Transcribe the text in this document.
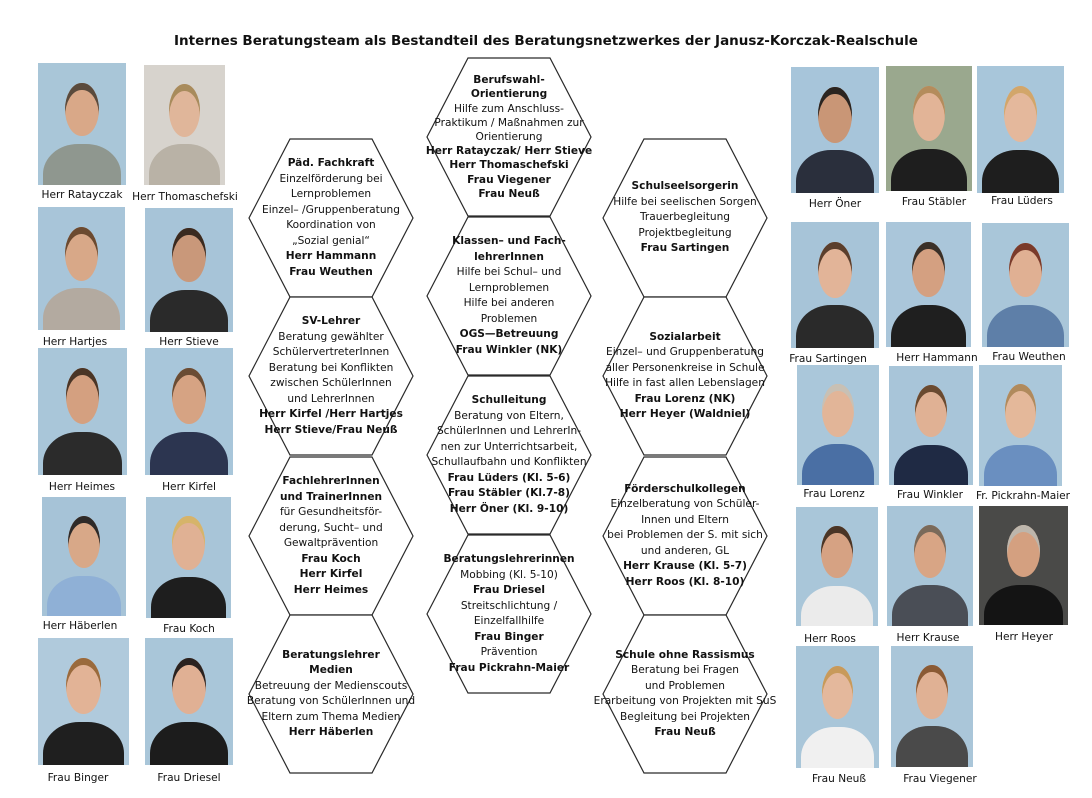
Internes Beratungsteam als Bestandteil des Beratungsnetzwerkes der Janusz-Korczak-Realschule
Berufswahl-
Orientierung
Hilfe zum Anschluss-
Praktikum / Maßnahmen zur
Orientierung
Herr Ratayczak/ Herr Stieve
Herr Thomaschefski
Frau Viegener
Frau Neuß
Päd. Fachkraft
Einzelförderung bei
Lernproblemen
Einzel– /Gruppenberatung
Koordination von
„Sozial genial“
Herr Hammann
Frau Weuthen
Schulseelsorgerin
Hilfe bei seelischen Sorgen
Trauerbegleitung
Projektbegleitung
Frau Sartingen
Klassen– und Fach-
lehrerInnen
Hilfe bei Schul– und
Lernproblemen
Hilfe bei anderen
Problemen
OGS—Betreuung
Frau Winkler (NK)
SV-Lehrer
Beratung gewählter
SchülervertreterInnen
Beratung bei Konflikten
zwischen SchülerInnen
und LehrerInnen
Herr Kirfel /Herr Hartjes
Herr Stieve/Frau Neuß
Sozialarbeit
Einzel– und Gruppenberatung
aller Personenkreise in Schule
Hilfe in fast allen Lebenslagen
Frau Lorenz (NK)
Herr Heyer (Waldniel)
Schulleitung
Beratung von Eltern,
SchülerInnen und LehrerIn-
nen zur Unterrichtsarbeit,
Schullaufbahn und Konflikten
Frau Lüders (Kl. 5-6)
Frau Stäbler (Kl.7-8)
Herr Öner (Kl. 9-10)
FachlehrerInnen
und TrainerInnen
für Gesundheitsför-
derung, Sucht– und
Gewaltprävention
Frau Koch
Herr Kirfel
Herr Heimes
Förderschulkollegen
Einzelberatung von Schüler-
Innen und Eltern
bei Problemen der S. mit sich
und anderen, GL
Herr Krause (Kl. 5-7)
Herr Roos (Kl. 8-10)
Beratungslehrerinnen
Mobbing (Kl. 5-10)
Frau Driesel
Streitschlichtung /
Einzelfallhilfe
Frau Binger
Prävention
Frau Pickrahn-Maier
Beratungslehrer
Medien
Betreuung der Medienscouts
Beratung von SchülerInnen und
Eltern zum Thema Medien
Herr Häberlen
Schule ohne Rassismus
Beratung bei Fragen
und Problemen
Erarbeitung von Projekten mit SuS
Begleitung bei Projekten
Frau Neuß
Herr Ratayczak Herr Thomaschefski
Herr Hartjes	Herr Stieve
Herr Heimes	Herr Kirfel
Herr Häberlen	Frau Koch
Frau Binger	Frau Driesel
Herr Öner	Frau Stäbler	Frau Lüders
Frau Sartingen	Herr Hammann	Frau Weuthen
Frau Lorenz	Frau Winkler	Fr. Pickrahn-Maier
Herr Roos	Herr Krause	Herr Heyer
Frau Neuß	Frau Viegener
